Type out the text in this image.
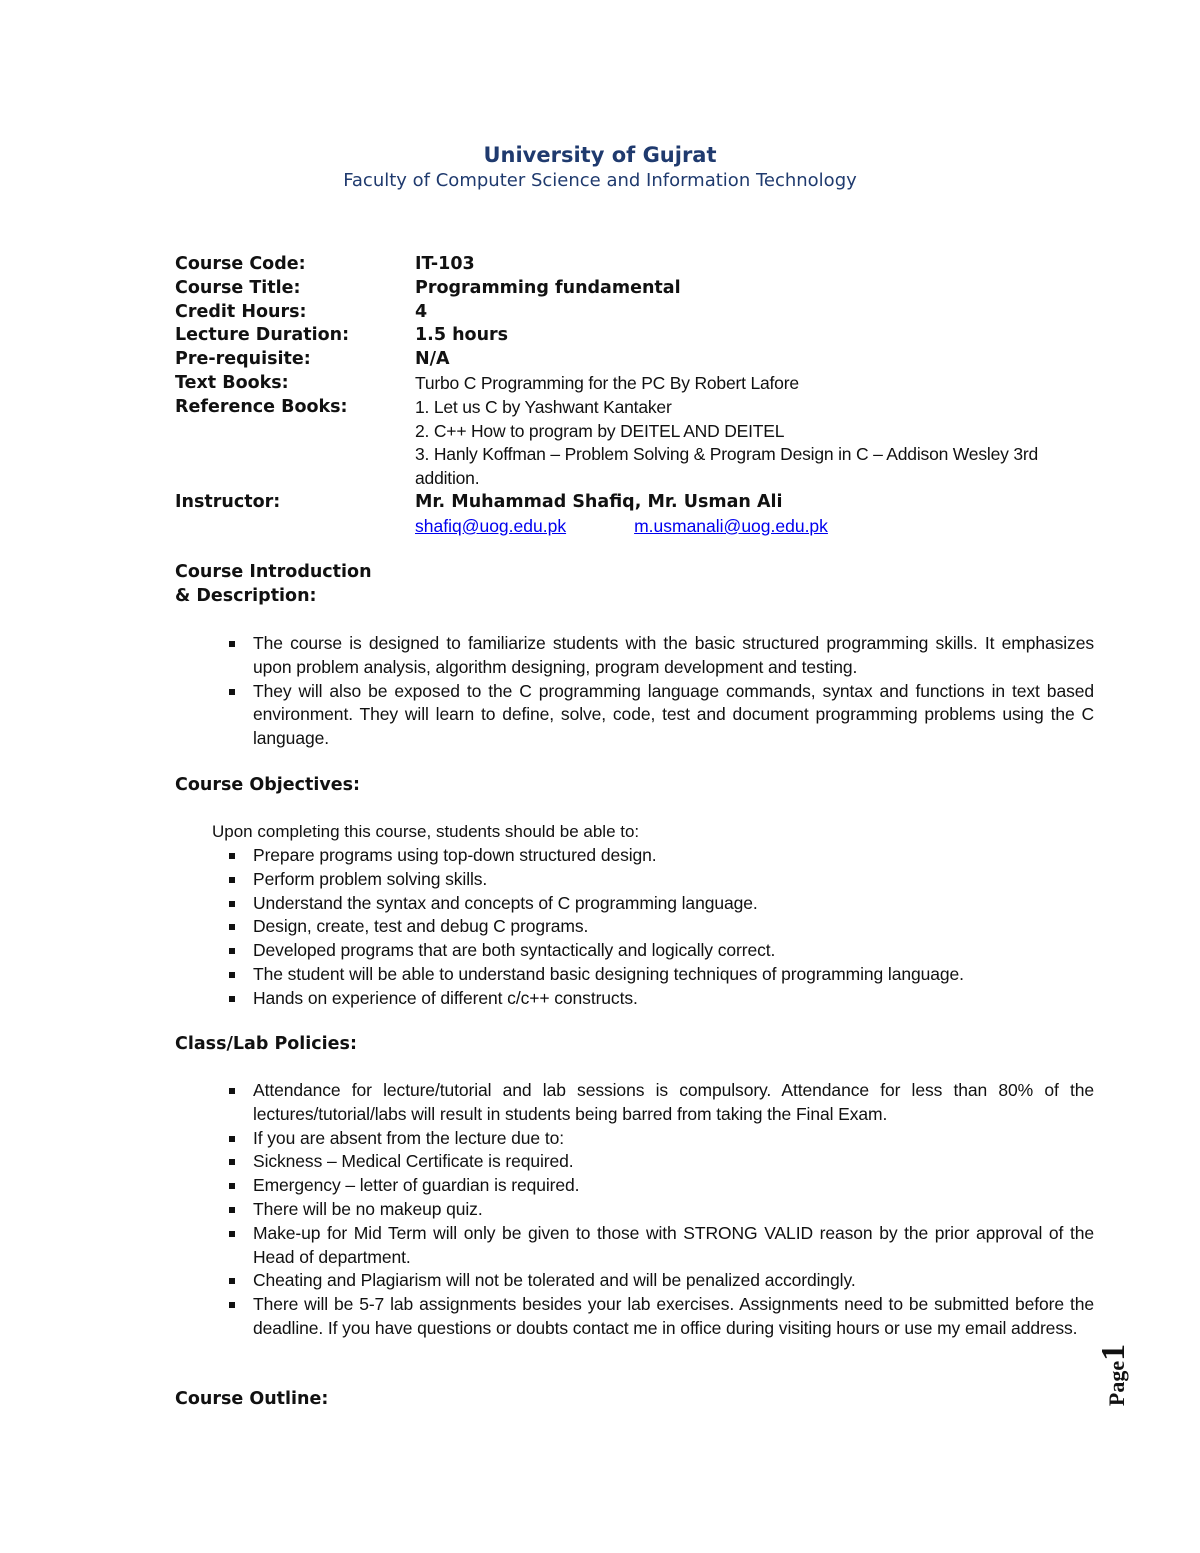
University of Gujrat
Faculty of Computer Science and Information Technology
Course Code:	IT-103
Course Title:	Programming fundamental
Credit Hours:	4
Lecture Duration:	1.5 hours
Pre-requisite:	N/A
Text Books:	Turbo C Programming for the PC By Robert Lafore
Reference Books:	1. Let us C by Yashwant Kantaker
2. C++ How to program by DEITEL AND DEITEL
3. Hanly Koffman – Problem Solving & Program Design in C – Addison Wesley 3rd addition.

Instructor:	Mr. Muhammad Shafiq, Mr. Usman Ali
shafiq@uog.edu.pk m.usmanali@uog.edu.pk
Course Introduction
& Description:
The course is designed to familiarize students with the basic structured programming skills. It emphasizes upon problem analysis, algorithm designing, program development and testing.
They will also be exposed to the C programming language commands, syntax and functions in text based environment. They will learn to define, solve, code, test and document programming problems using the C language.
Course Objectives:
Upon completing this course, students should be able to:
Prepare programs using top-down structured design.
Perform problem solving skills.
Understand the syntax and concepts of C programming language.
Design, create, test and debug C programs.
Developed programs that are both syntactically and logically correct.
The student will be able to understand basic designing techniques of programming language.
Hands on experience of different c/c++ constructs.
Class/Lab Policies:
Attendance for lecture/tutorial and lab sessions is compulsory. Attendance for less than 80% of the lectures/tutorial/labs will result in students being barred from taking the Final Exam.
If you are absent from the lecture due to:
Sickness – Medical Certificate is required.
Emergency – letter of guardian is required.
There will be no makeup quiz.
Make-up for Mid Term will only be given to those with STRONG VALID reason by the prior approval of the Head of department.
Cheating and Plagiarism will not be tolerated and will be penalized accordingly.
There will be 5-7 lab assignments besides your lab exercises. Assignments need to be submitted before the deadline. If you have questions or doubts contact me in office during visiting hours or use my email address.
Course Outline:	Page
1
